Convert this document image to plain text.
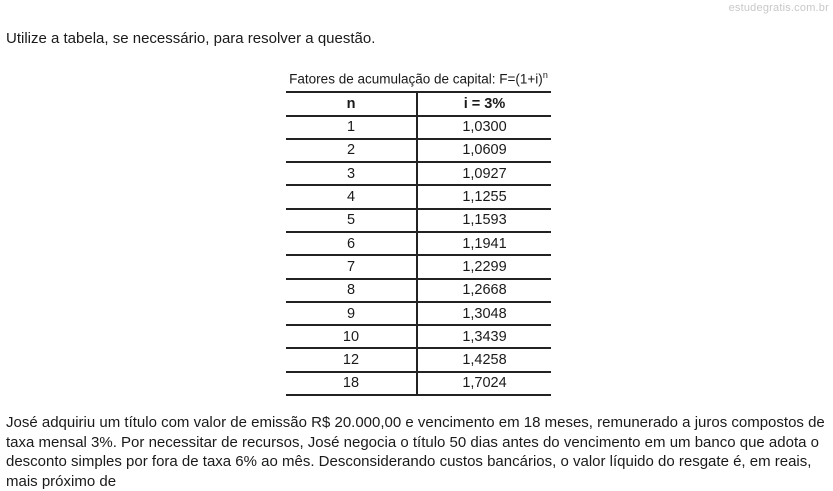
estudegratis.com.br

Utilize a tabela, se necessário, para resolver a questão.

Fatores de acumulação de capital: $F=(1+i)^n$

n	i = 3%
1	1,0300
2	1,0609
3	1,0927
4	1,1255
5	1,1593
6	1,1941
7	1,2299
8	1,2668
9	1,3048
10	1,3439
12	1,4258
18	1,7024

José adquiriu um título com valor de emissão R$ 20.000,00 e vencimento em 18 meses, remunerado a juros compostos de taxa mensal 3%. Por necessitar de recursos, José negocia o título 50 dias antes do vencimento em um banco que adota o desconto simples por fora de taxa 6% ao mês. Desconsiderando custos bancários, o valor líquido do resgate é, em reais, mais próximo de
